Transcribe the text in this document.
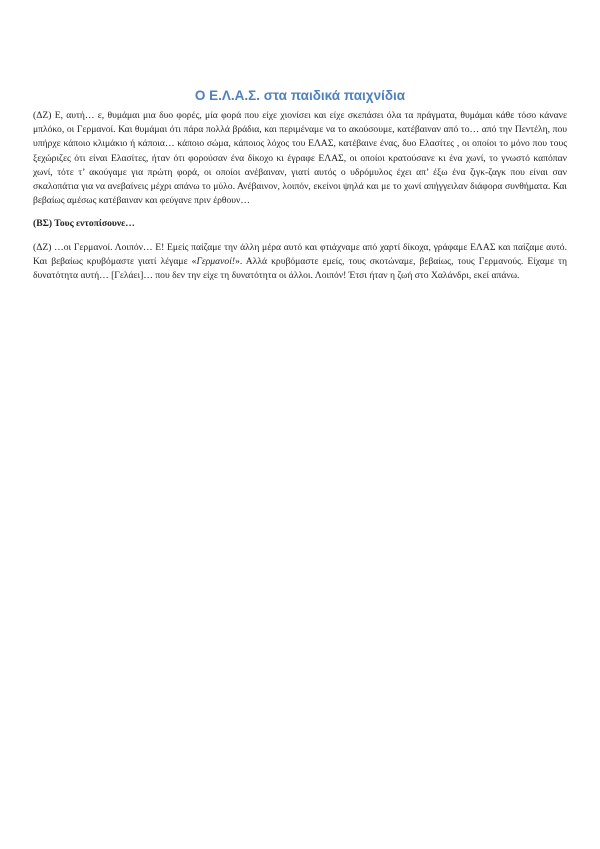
Ο Ε.Λ.Α.Σ. στα παιδικά παιχνίδια

(ΔΖ) Ε, αυτή… ε, θυμάμαι μια δυο φορές, μία φορά που είχε χιονίσει και είχε σκεπάσει όλα τα πράγματα, θυμάμαι κάθε τόσο κάνανε μπλόκο, οι Γερμανοί. Και θυμάμαι ότι πάρα πολλά βράδια, και περιμέναμε να το ακούσουμε, κατέβαιναν από το… από την Πεντέλη, που υπήρχε κάποιο κλιμάκιο ή κάποια… κάποιο σώμα, κάποιος λόχος του ΕΛΑΣ, κατέβαινε ένας, δυο Ελασίτες , οι οποίοι το μόνο που τους ξεχώριζες ότι είναι Ελασίτες, ήταν ότι φορούσαν ένα δίκοχο κι έγραφε ΕΛΑΣ, οι οποίοι κρατούσανε κι ένα χωνί, το γνωστό καπόπαν χωνί, τότε τ’ ακούγαμε για πρώτη φορά, οι οποίοι ανέβαιναν, γιατί αυτός ο υδρόμυλος έχει απ’ έξω ένα ζιγκ-ζαγκ που είναι σαν σκαλοπάτια για να ανεβαίνεις μέχρι απάνω το μύλο. Ανέβαινον, λοιπόν, εκείνοι ψηλά και με το χωνί απήγγειλαν διάφορα συνθήματα. Και βεβαίως αμέσως κατέβαιναν και φεύγανε πριν έρθουν…

(ΒΣ) Τους εντοπίσουνε…

(ΔΖ) …οι Γερμανοί. Λοιπόν… Ε! Εμείς παίζαμε την άλλη μέρα αυτό και φτιάχναμε από χαρτί δίκοχα, γράφαμε ΕΛΑΣ και παίζαμε αυτό. Και βεβαίως κρυβόμαστε γιατί λέγαμε «Γερμανοί!». Αλλά κρυβόμαστε εμείς, τους σκοτώναμε, βεβαίως, τους Γερμανούς. Είχαμε τη δυνατότητα αυτή… [Γελάει]… που δεν την είχε τη δυνατότητα οι άλλοι. Λοιπόν! Έτσι ήταν η ζωή στο Χαλάνδρι, εκεί απάνω.
